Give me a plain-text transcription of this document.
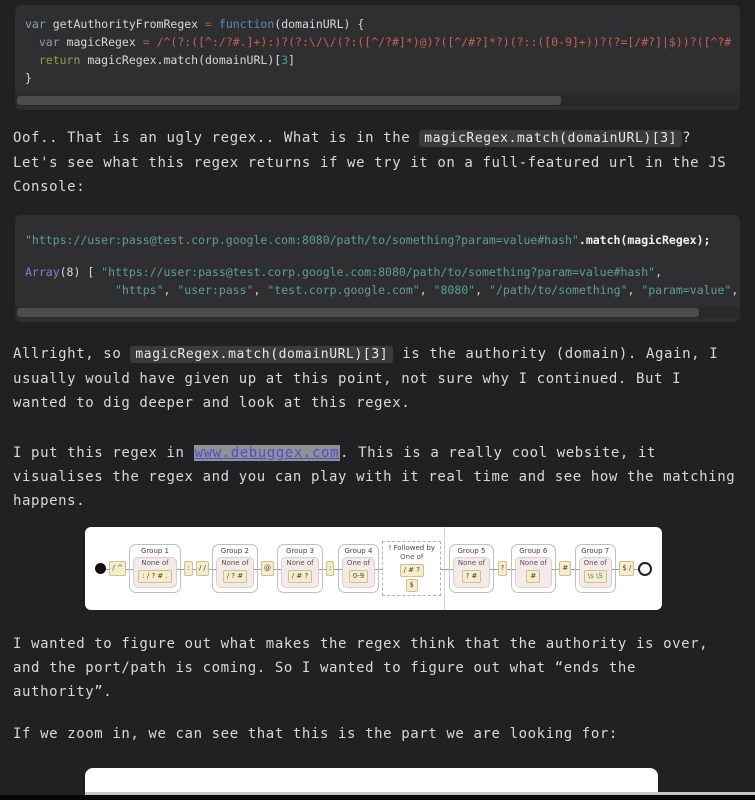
var getAuthorityFromRegex = function(domainURL) {
var magicRegex = /^(?:([^:/?#.]+):)?(?:\/\/(?:([^/?#]*)@)?([^/#?]*?)(?::([0-9]+))?(?=[/#?]|$))?([^?#
return magicRegex.match(domainURL)[3]
}

Oof.. That is an ugly regex.. What is in the magicRegex.match(domainURL)[3] ? Let's see what this regex returns if we try it on a full-featured url in the JS Console:

"https://user:pass@test.corp.google.com:8080/path/to/something?param=value#hash".match(magicRegex);
Array(8) [ "https://user:pass@test.corp.google.com:8080/path/to/something?param=value#hash",
"https", "user:pass", "test.corp.google.com", "8080", "/path/to/something", "param=value",

Allright, so magicRegex.match(domainURL)[3] is the authority (domain). Again, I usually would have given up at this point, not sure why I continued. But I wanted to dig deeper and look at this regex.

I put this regex in www.debuggex.com. This is a really cool website, it visualises the regex and you can play with it real time and see how the matching happens.

/ ^
Group 1
None of
: / ? # .
:	/ /
Group 2
None of
/ ? #
@
Group 3
None of
/ # ?
:
Group 4
One of
0-9
! Followed by
One of
/ # ?
$
Group 5
None of
? #
?
Group 6
None of
#
#
Group 7
One of
\s \S
$ /

I wanted to figure out what makes the regex think that the authority is over, and the port/path is coming. So I wanted to figure out what “ends the authority”.

If we zoom in, we can see that this is the part we are looking for:
